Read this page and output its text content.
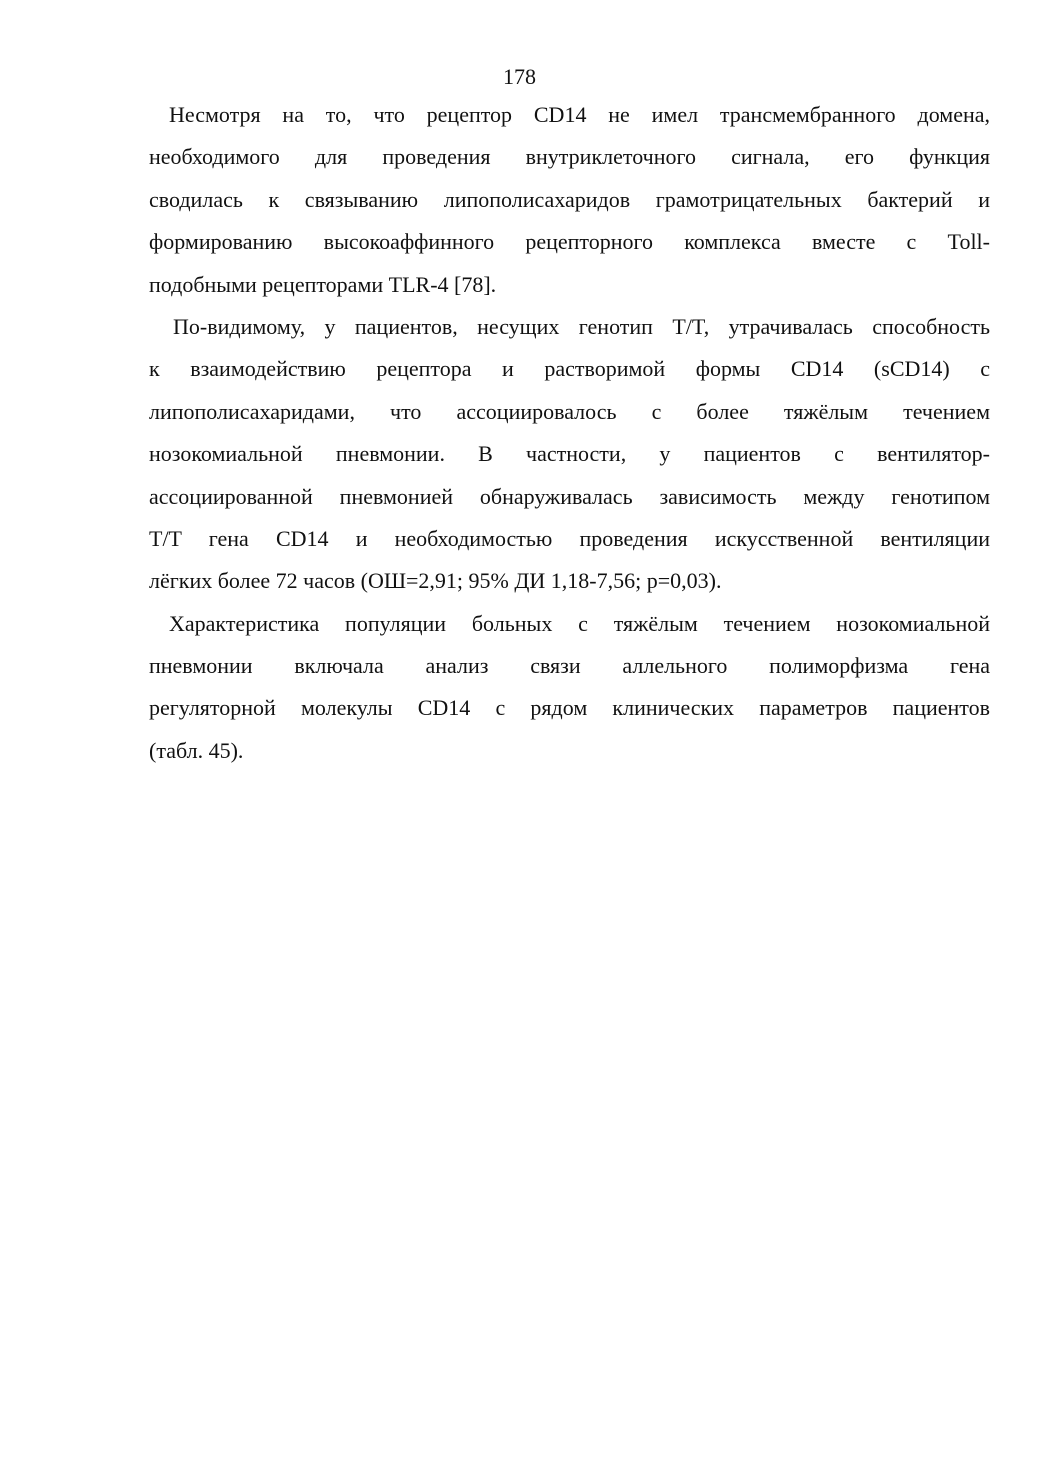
178

Несмотря на то, что рецептор CD14 не имел трансмембранного домена,
необходимого для проведения внутриклеточного сигнала, его функция
сводилась к связыванию липополисахаридов грамотрицательных бактерий и
формированию высокоаффинного рецепторного комплекса вместе с Toll-
подобными рецепторами TLR-4 [78].

По-видимому, у пациентов, несущих генотип T/T, утрачивалась способность
к взаимодействию рецептора и растворимой формы CD14 (sCD14) с
липополисахаридами, что ассоциировалось с более тяжёлым течением
нозокомиальной пневмонии. В частности, у пациентов с вентилятор-
ассоциированной пневмонией обнаруживалась зависимость между генотипом
T/T гена CD14 и необходимостью проведения искусственной вентиляции
лёгких более 72 часов (ОШ=2,91; 95% ДИ 1,18-7,56; p=0,03).

Характеристика популяции больных с тяжёлым течением нозокомиальной
пневмонии включала анализ связи аллельного полиморфизма гена
регуляторной молекулы CD14 с рядом клинических параметров пациентов
(табл. 45).
